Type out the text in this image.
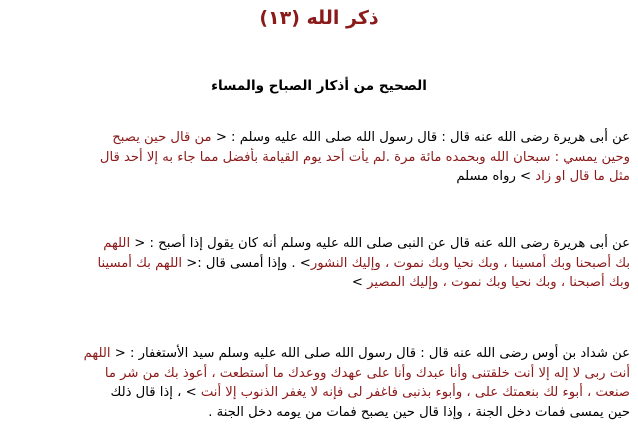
ذكر الله (١٣)
الصحيح من أذكار الصباح والمساء
عن أبى هريرة رضى الله عنه قال : قال رسول الله صلى الله عليه وسلم : < من قال حين يصبح
وحين يمسي : سبحان الله وبحمده مائة مرة .لم يأت أحد يوم القيامة بأفضل مما جاء به إلا أحد قال
مثل ما قال او زاد > رواه مسلم
عن أبى هريرة رضى الله عنه قال عن النبى صلى الله عليه وسلم أنه كان يقول إذا أصبح : < اللهم
بك أصبحنا وبك أمسينا ، وبك نحيا وبك نموت ، وإليك النشور> . وإذا أمسى قال :< اللهم بك أمسينا
وبك أصبحنا ، وبك نحيا وبك نموت ، وإليك المصير >
عن شداد بن أوس رضى الله عنه قال : قال رسول الله صلى الله عليه وسلم سيد الأستغفار : < اللهم
أنت ربى لا إله إلا أنت خلقتنى وأنا عبدك وأنا على عهدك ووعدك ما أستطعت ، أعوذ بك من شر ما
صنعت ، أبوء لك بنعمتك على ، وأبوء بذنبى فاغفر لى فإنه لا يغفر الذنوب إلا أنت > ، إذا قال ذلك
حين يمسى فمات دخل الجنة ، وإذا قال حين يصبح فمات من يومه دخل الجنة .
